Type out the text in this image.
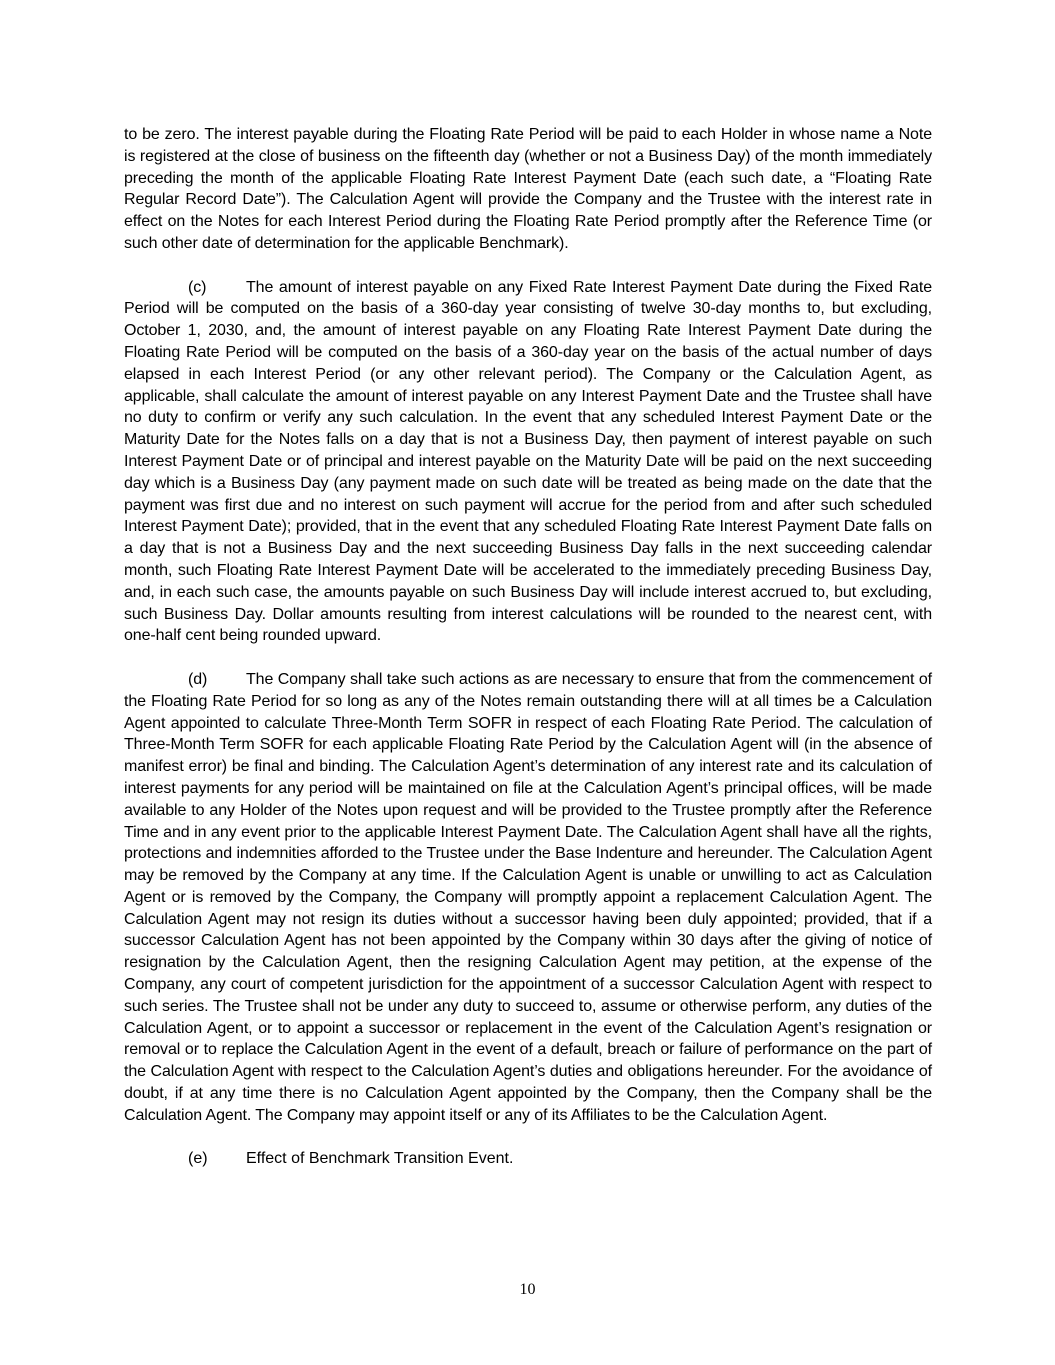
to be zero. The interest payable during the Floating Rate Period will be paid to each Holder in whose name a Note is registered at the close of business on the fifteenth day (whether or not a Business Day) of the month immediately preceding the month of the applicable Floating Rate Interest Payment Date (each such date, a “Floating Rate Regular Record Date”). The Calculation Agent will provide the Company and the Trustee with the interest rate in effect on the Notes for each Interest Period during the Floating Rate Period promptly after the Reference Time (or such other date of determination for the applicable Benchmark).

(c) The amount of interest payable on any Fixed Rate Interest Payment Date during the Fixed Rate Period will be computed on the basis of a 360-day year consisting of twelve 30-day months to, but excluding, October 1, 2030, and, the amount of interest payable on any Floating Rate Interest Payment Date during the Floating Rate Period will be computed on the basis of a 360-day year on the basis of the actual number of days elapsed in each Interest Period (or any other relevant period). The Company or the Calculation Agent, as applicable, shall calculate the amount of interest payable on any Interest Payment Date and the Trustee shall have no duty to confirm or verify any such calculation. In the event that any scheduled Interest Payment Date or the Maturity Date for the Notes falls on a day that is not a Business Day, then payment of interest payable on such Interest Payment Date or of principal and interest payable on the Maturity Date will be paid on the next succeeding day which is a Business Day (any payment made on such date will be treated as being made on the date that the payment was first due and no interest on such payment will accrue for the period from and after such scheduled Interest Payment Date); provided, that in the event that any scheduled Floating Rate Interest Payment Date falls on a day that is not a Business Day and the next succeeding Business Day falls in the next succeeding calendar month, such Floating Rate Interest Payment Date will be accelerated to the immediately preceding Business Day, and, in each such case, the amounts payable on such Business Day will include interest accrued to, but excluding, such Business Day. Dollar amounts resulting from interest calculations will be rounded to the nearest cent, with one-half cent being rounded upward.

(d) The Company shall take such actions as are necessary to ensure that from the commencement of the Floating Rate Period for so long as any of the Notes remain outstanding there will at all times be a Calculation Agent appointed to calculate Three-Month Term SOFR in respect of each Floating Rate Period. The calculation of Three-Month Term SOFR for each applicable Floating Rate Period by the Calculation Agent will (in the absence of manifest error) be final and binding. The Calculation Agent’s determination of any interest rate and its calculation of interest payments for any period will be maintained on file at the Calculation Agent’s principal offices, will be made available to any Holder of the Notes upon request and will be provided to the Trustee promptly after the Reference Time and in any event prior to the applicable Interest Payment Date. The Calculation Agent shall have all the rights, protections and indemnities afforded to the Trustee under the Base Indenture and hereunder. The Calculation Agent may be removed by the Company at any time. If the Calculation Agent is unable or unwilling to act as Calculation Agent or is removed by the Company, the Company will promptly appoint a replacement Calculation Agent. The Calculation Agent may not resign its duties without a successor having been duly appointed; provided, that if a successor Calculation Agent has not been appointed by the Company within 30 days after the giving of notice of resignation by the Calculation Agent, then the resigning Calculation Agent may petition, at the expense of the Company, any court of competent jurisdiction for the appointment of a successor Calculation Agent with respect to such series. The Trustee shall not be under any duty to succeed to, assume or otherwise perform, any duties of the Calculation Agent, or to appoint a successor or replacement in the event of the Calculation Agent’s resignation or removal or to replace the Calculation Agent in the event of a default, breach or failure of performance on the part of the Calculation Agent with respect to the Calculation Agent’s duties and obligations hereunder. For the avoidance of doubt, if at any time there is no Calculation Agent appointed by the Company, then the Company shall be the Calculation Agent. The Company may appoint itself or any of its Affiliates to be the Calculation Agent.

(e) Effect of Benchmark Transition Event.

10
